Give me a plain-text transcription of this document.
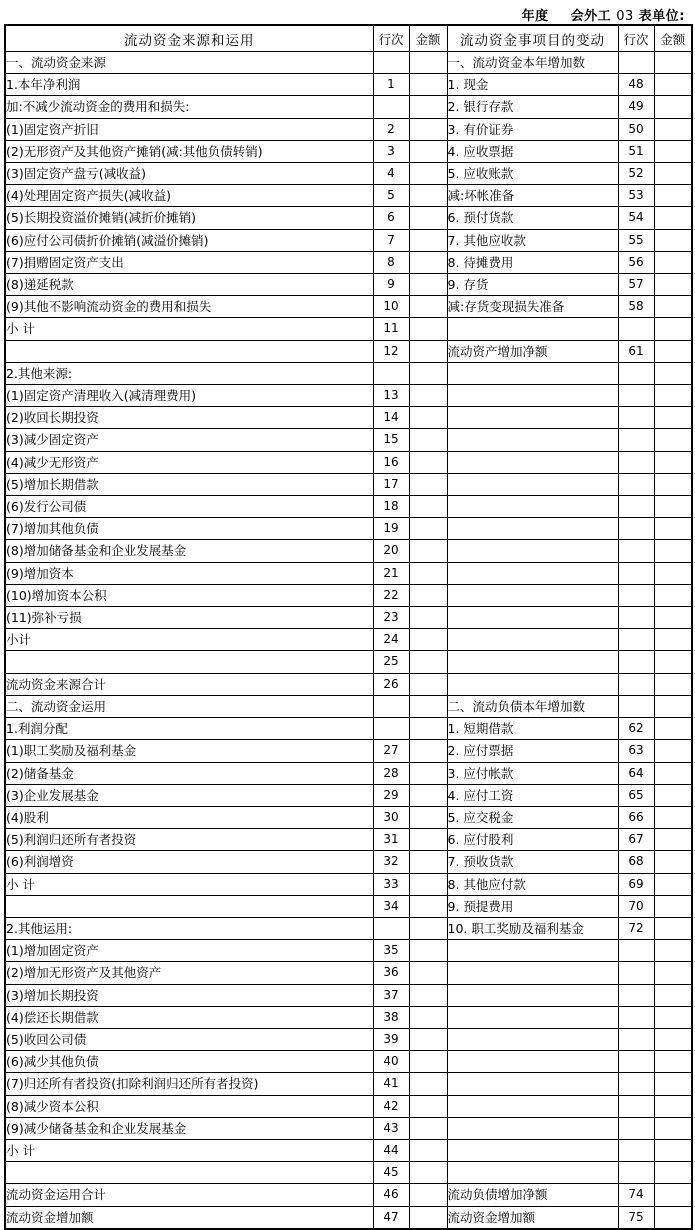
年度 会外工 03 表单位:
流动资金来源和运用	行次	金额	流动资金事项目的变动	行次	金额
一、流动资金来源			一、流动资金本年增加数		
1.本年净利润	1		1. 现金	48	
加:不减少流动资金的费用和损失:			2. 银行存款	49	
(1)固定资产折旧	2		3. 有价证券	50	
(2)无形资产及其他资产摊销(减:其他负债转销)	3		4. 应收票据	51	
(3)固定资产盘亏(减收益)	4		5. 应收账款	52	
(4)处理固定资产损失(减收益)	5		减:坏帐准备	53	
(5)长期投资溢价摊销(减折价摊销)	6		6. 预付货款	54	
(6)应付公司债折价摊销(减溢价摊销)	7		7. 其他应收款	55	
(7)捐赠固定资产支出	8		8. 待摊费用	56	
(8)递延税款	9		9. 存货	57	
(9)其他不影响流动资金的费用和损失	10		减:存货变现损失准备	58	
小 计	11				
	12		流动资产增加净额	61	
2.其他来源:					
(1)固定资产清理收入(减清理费用)	13				
(2)收回长期投资	14				
(3)减少固定资产	15				
(4)减少无形资产	16				
(5)增加长期借款	17				
(6)发行公司债	18				
(7)增加其他负债	19				
(8)增加储备基金和企业发展基金	20				
(9)增加资本	21				
(10)增加资本公积	22				
(11)弥补亏损	23				
小计	24				
	25				
流动资金来源合计	26				
二、流动资金运用			二、流动负债本年增加数		
1.利润分配			1. 短期借款	62	
(1)职工奖励及福利基金	27		2. 应付票据	63	
(2)储备基金	28		3. 应付帐款	64	
(3)企业发展基金	29		4. 应付工资	65	
(4)股利	30		5. 应交税金	66	
(5)利润归还所有者投资	31		6. 应付股利	67	
(6)利润增资	32		7. 预收货款	68	
小 计	33		8. 其他应付款	69	
	34		9. 预提费用	70	
2.其他运用:			10. 职工奖励及福利基金	72	
(1)增加固定资产	35				
(2)增加无形资产及其他资产	36				
(3)增加长期投资	37				
(4)偿还长期借款	38				
(5)收回公司债	39				
(6)减少其他负债	40				
(7)归还所有者投资(扣除利润归还所有者投资)	41				
(8)减少资本公积	42				
(9)减少储备基金和企业发展基金	43				
小 计	44				
	45				
流动资金运用合计	46		流动负债增加净额	74	
流动资金增加额	47		流动资金增加额	75	
